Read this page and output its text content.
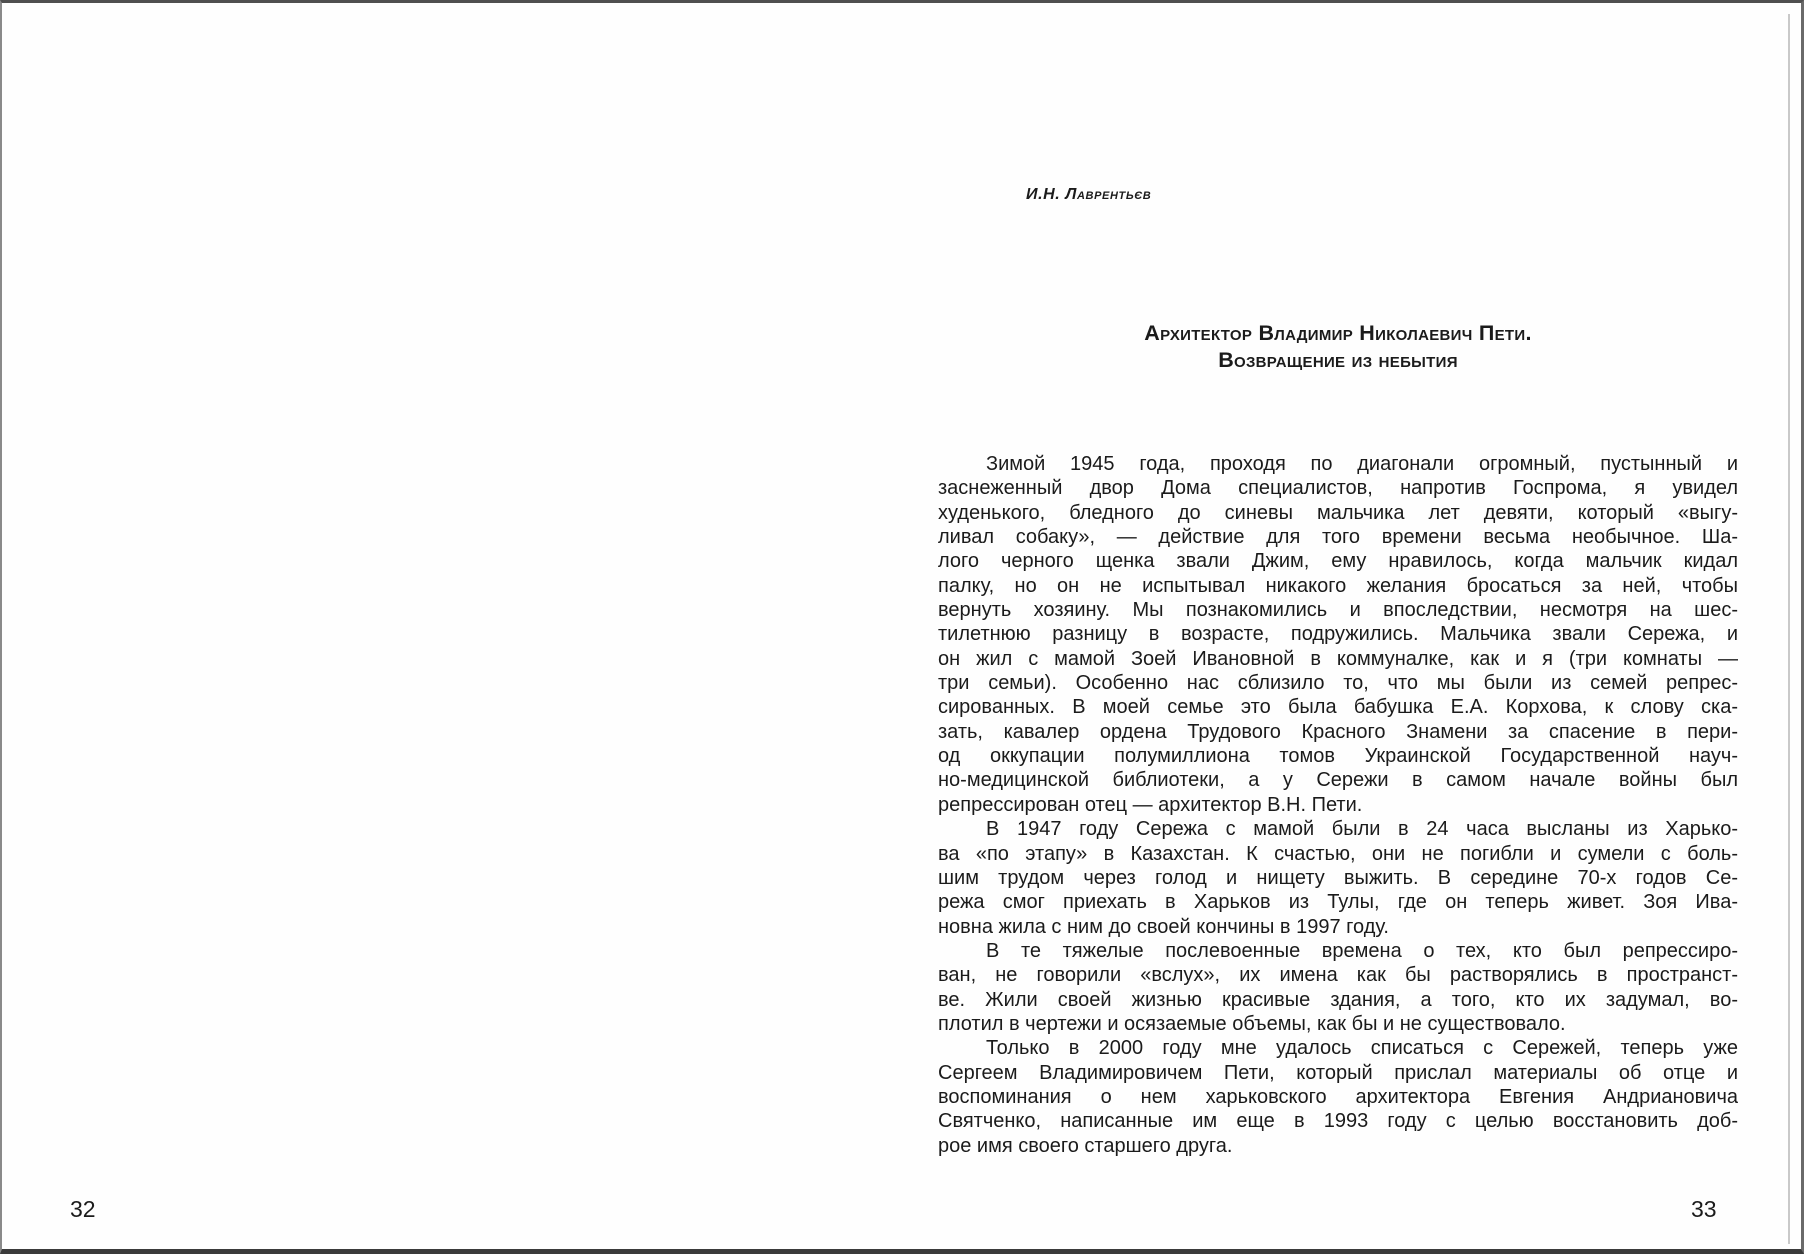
32
И.Н. Лаврентьєв
Архитектор Владимир Николаевич Пети.
Возвращение из небытия
Зимой 1945 года, проходя по диагонали огромный, пустынный и
заснеженный двор Дома специалистов, напротив Госпрома, я увидел
худенького, бледного до синевы мальчика лет девяти, который «выгу-
ливал собаку», — действие для того времени весьма необычное. Ша-
лого черного щенка звали Джим, ему нравилось, когда мальчик кидал
палку, но он не испытывал никакого желания бросаться за ней, чтобы
вернуть хозяину. Мы познакомились и впоследствии, несмотря на шес-
тилетнюю разницу в возрасте, подружились. Мальчика звали Сережа, и
он жил с мамой Зоей Ивановной в коммуналке, как и я (три комнаты —
три семьи). Особенно нас сблизило то, что мы были из семей репрес-
сированных. В моей семье это была бабушка Е.А. Корхова, к слову ска-
зать, кавалер ордена Трудового Красного Знамени за спасение в пери-
од оккупации полумиллиона томов Украинской Государственной науч-
но-медицинской библиотеки, а у Сережи в самом начале войны был
репрессирован отец — архитектор В.Н. Пети.
В 1947 году Сережа с мамой были в 24 часа высланы из Харько-
ва «по этапу» в Казахстан. К счастью, они не погибли и сумели с боль-
шим трудом через голод и нищету выжить. В середине 70-х годов Се-
режа смог приехать в Харьков из Тулы, где он теперь живет. Зоя Ива-
новна жила с ним до своей кончины в 1997 году.
В те тяжелые послевоенные времена о тех, кто был репрессиро-
ван, не говорили «вслух», их имена как бы растворялись в пространст-
ве. Жили своей жизнью красивые здания, а того, кто их задумал, во-
плотил в чертежи и осязаемые объемы, как бы и не существовало.
Только в 2000 году мне удалось списаться с Сережей, теперь уже
Сергеем Владимировичем Пети, который прислал материалы об отце и
воспоминания о нем харьковского архитектора Евгения Андриановича
Святченко, написанные им еще в 1993 году с целью восстановить доб-
рое имя своего старшего друга.
33
